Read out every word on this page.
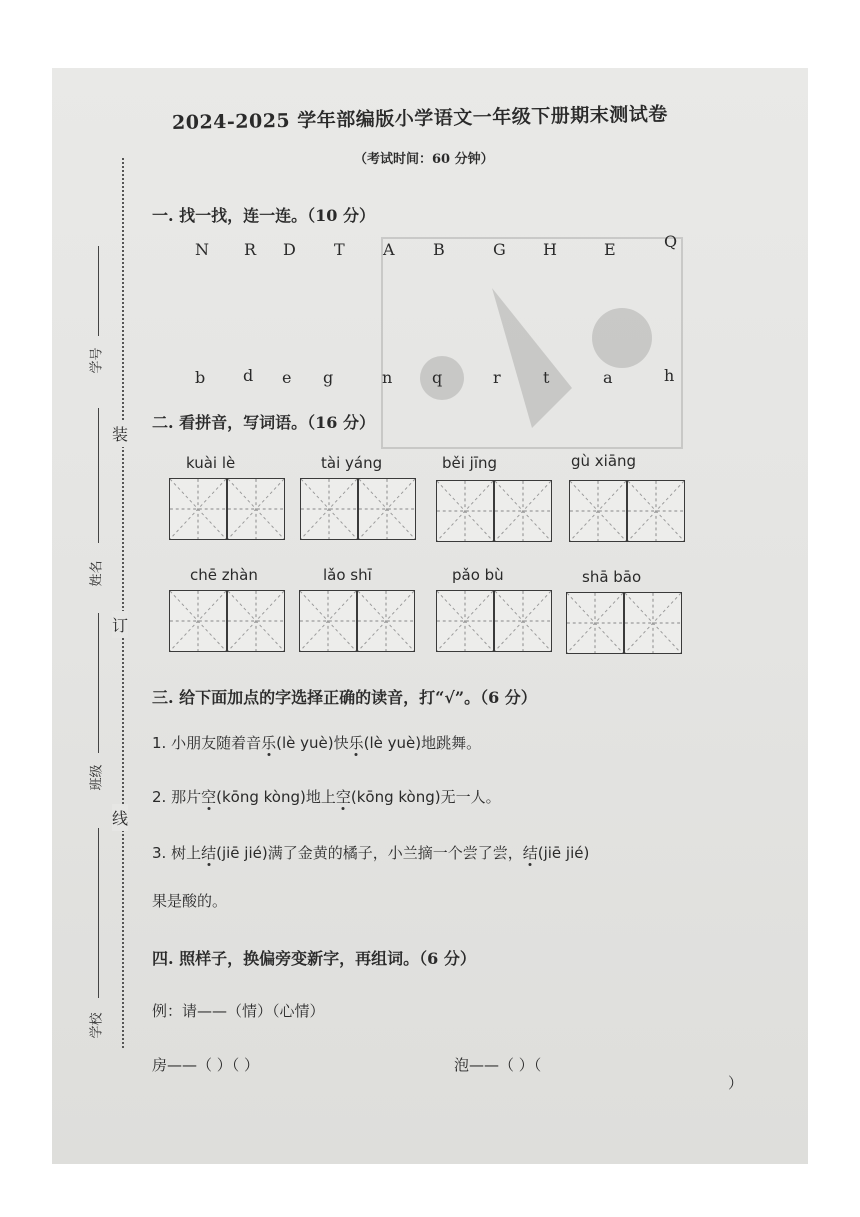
2024-2025 学年部编版小学语文一年级下册期末测试卷
（考试时间：60 分钟）
学号
姓名
班级
学校
装
订
线
一. 找一找，连一连。（10 分）
N R D T A B	G H	E	Q
b d e g	n q	r	t	a	h
二. 看拼音，写词语。（16 分）
kuài lè	tài yáng	běi jīng	gù xiāng
chē zhàn	lǎo shī	pǎo bù	shā bāo
三. 给下面加点的字选择正确的读音，打“√”。（6 分）
1. 小朋友随着音乐(lè yuè)快乐(lè yuè)地跳舞。
2. 那片空(kōng kòng)地上空(kōng kòng)无一人。
3. 树上结(jiē jié)满了金黄的橘子，小兰摘一个尝了尝，结(jiē jié)
果是酸的。
四. 照样子，换偏旁变新字，再组词。（6 分）
例：请——（情）（心情）
房——（ ）（ ）	泡——（ ）（
）
